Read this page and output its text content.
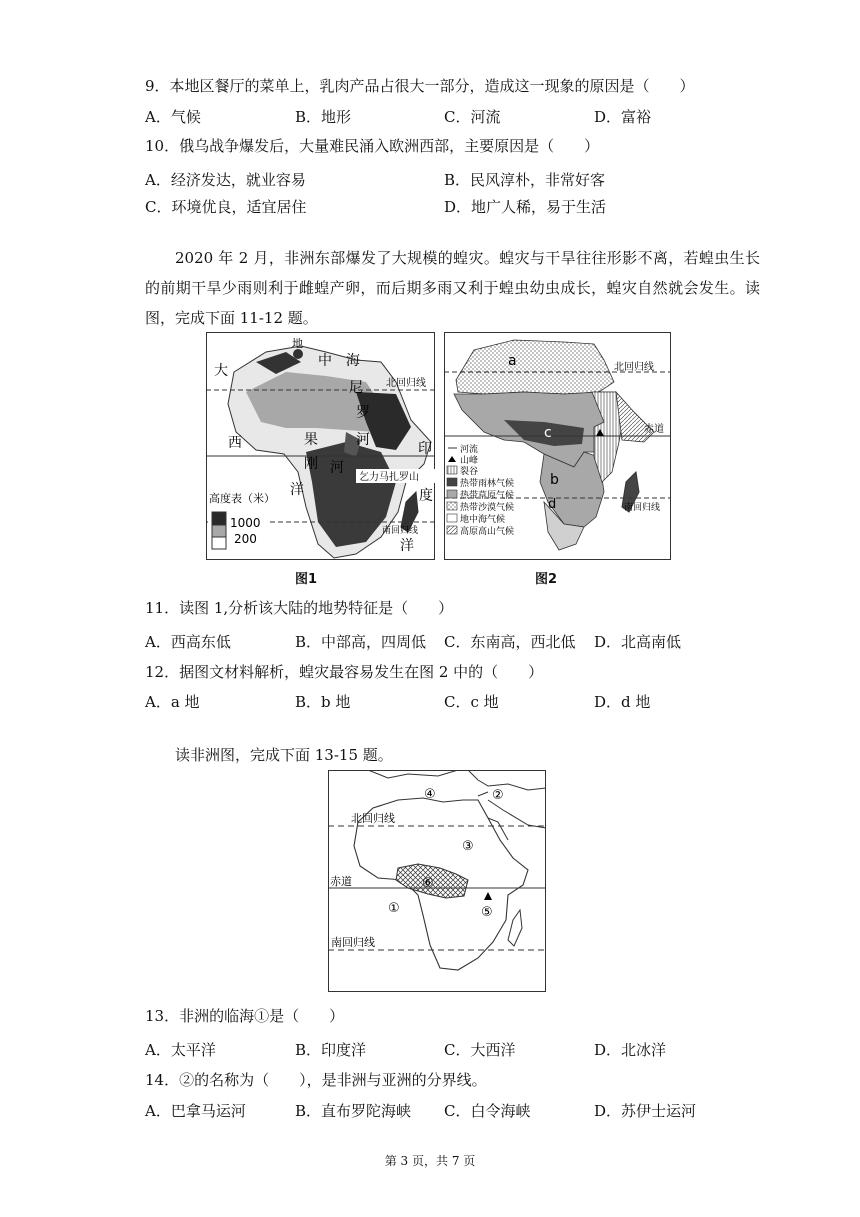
9．本地区餐厅的菜单上，乳肉产品占很大一部分，造成这一现象的原因是（　　）
A．气候	B．地形	C．河流	D．富裕
10．俄乌战争爆发后，大量难民涌入欧洲西部，主要原因是（　　）
A．经济发达，就业容易	B．民风淳朴，非常好客
C．环境优良，适宜居住	D．地广人稀，易于生活
2020 年 2 月，非洲东部爆发了大规模的蝗灾。蝗灾与干旱往往形影不离，若蝗虫生长的前期干旱少雨则利于雌蝗产卵，而后期多雨又利于蝗虫幼虫成长，蝗灾自然就会发生。读图，完成下面 11-12 题。
地
中 海
大
西
洋
尼
罗
河
果
刚 河
印
度
洋
北回归线
南回归线
乞力马扎罗山
高度表（米）
1000
200
a
b
c
d
北回归线
赤道
南回归线
河流
山峰
裂谷
热带雨林气候
热带草原气候
热带沙漠气候
地中海气候
高原高山气候
图1	图2
11．读图 1,分析该大陆的地势特征是（　　）
A．西高东低	B．中部高，四周低 C．东南高，西北低 D．北高南低
12．据图文材料解析，蝗灾最容易发生在图 2 中的（　　）
A．a 地	B．b 地	C．c 地	D．d 地
读非洲图，完成下面 13-15 题。
④	②
北回归线
③
⑥
赤道
①	⑤
南回归线
13．非洲的临海①是（　　）
A．太平洋	B．印度洋	C．大西洋	D．北冰洋
14．②的名称为（　　），是非洲与亚洲的分界线。
A．巴拿马运河	B．直布罗陀海峡 C．白令海峡	D．苏伊士运河
第 3 页，共 7 页
